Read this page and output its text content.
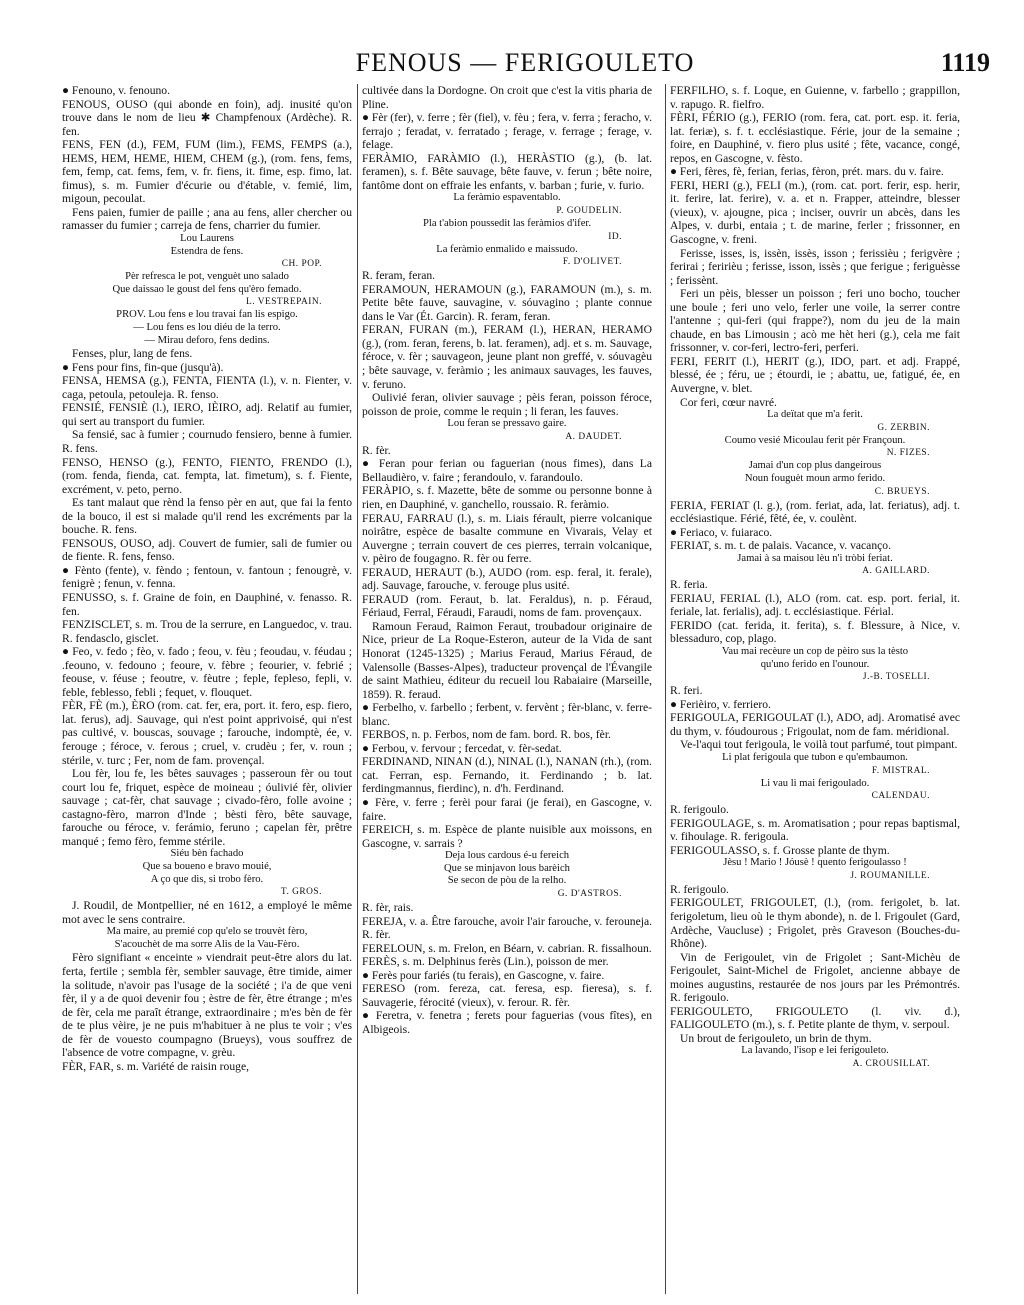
FENOUS — FERIGOULETO	1119

● Fenouno, v. fenouno.

FENOUS, OUSO (qui abonde en foin), adj. inusité qu'on trouve dans le nom de lieu ✱ Champfenoux (Ardèche). R. fen.

FENS, FEN (d.), FEM, FUM (lim.), FEMS, FEMPS (a.), HEMS, HEM, HEME, HIEM, CHEM (g.), (rom. fens, fems, fem, femp, cat. fems, fem, v. fr. fiens, it. fime, esp. fimo, lat. fimus), s. m. Fumier d'écurie ou d'étable, v. femié, lim, migoun, pecoulat.

Fens paien, fumier de paille ; ana au fens, aller chercher ou ramasser du fumier ; carreja de fens, charrier du fumier.

Lou Laurens

Estendra de fens.

CH. POP.

Pèr refresca le pot, venguèt uno salado

Que daissao le goust del fens qu'èro femado.

L. VESTREPAIN.

PROV. Lou fens e lou travai fan lis espigo.

— Lou fens es lou diéu de la terro.

— Mirau deforo, fens dedins.

Fenses, plur, lang de fens.

● Fens pour fins, fin-que (jusqu'à).

FENSA, HEMSA (g.), FENTA, FIENTA (l.), v. n. Fienter, v. caga, petoula, petouleja. R. fenso.

FENSIÉ, FENSIÈ (l.), IERO, IÈIRO, adj. Relatif au fumier, qui sert au transport du fumier.

Sa fensié, sac à fumier ; cournudo fensiero, benne à fumier. R. fens.

FENSO, HENSO (g.), FENTO, FIENTO, FRENDO (l.), (rom. fenda, fienda, cat. fempta, lat. fimetum), s. f. Fiente, excrément, v. peto, perno.

Es tant malaut que rènd la fenso pèr en aut, que fai la fento de la bouco, il est si malade qu'il rend les excréments par la bouche. R. fens.

FENSOUS, OUSO, adj. Couvert de fumier, sali de fumier ou de fiente. R. fens, fenso.

● Fènto (fente), v. fèndo ; fentoun, v. fantoun ; fenougrè, v. fenigrè ; fenun, v. fenna.

FENUSSO, s. f. Graine de foin, en Dauphiné, v. fenasso. R. fen.

FENZISCLET, s. m. Trou de la serrure, en Languedoc, v. trau. R. fendasclo, gisclet.

● Feo, v. fedo ; fèo, v. fado ; feou, v. fèu ; feoudau, v. féudau ; .feouno, v. fedouno ; feoure, v. fèbre ; feourier, v. febrié ; feouse, v. féuse ; feoutre, v. fèutre ; feple, fepleso, fepli, v. feble, feblesso, febli ; fequet, v. flouquet.

FÈR, FÈ (m.), ÈRO (rom. cat. fer, era, port. it. fero, esp. fiero, lat. ferus), adj. Sauvage, qui n'est point apprivoisé, qui n'est pas cultivé, v. bouscas, souvage ; farouche, indomptè, ée, v. ferouge ; féroce, v. ferous ; cruel, v. crudèu ; fer, v. roun ; stérile, v. turc ; Fer, nom de fam. provençal.

Lou fèr, lou fe, les bêtes sauvages ; passeroun fèr ou tout court lou fe, friquet, espèce de moineau ; óulivié fèr, olivier sauvage ; cat-fèr, chat sauvage ; civado-fèro, folle avoine ; castagno-fèro, marron d'Inde ; bèsti fèro, bête sauvage, farouche ou féroce, v. ferámio, feruno ; capelan fèr, prêtre manqué ; femo fèro, femme stérile.

Siéu bèn fachado

Que sa boueno e bravo mouié,

A ço que dis, si trobo fèro.

T. GROS.

J. Roudil, de Montpellier, né en 1612, a employé le même mot avec le sens contraire.

Ma maire, au premié cop qu'elo se trouvèt fèro,

S'acouchèt de ma sorre Alis de la Vau-Fèro.

Fèro signifiant « enceinte » viendrait peut-être alors du lat. ferta, fertile ; sembla fèr, sembler sauvage, être timide, aimer la solitude, n'avoir pas l'usage de la société ; i'a de que veni fèr, il y a de quoi devenir fou ; èstre de fèr, être étrange ; m'es de fèr, cela me paraît étrange, extraordinaire ; m'es bèn de fèr de te plus vèire, je ne puis m'habituer à ne plus te voir ; v'es de fèr de vouesto coumpagno (Brueys), vous souffrez de l'absence de votre compagne, v. grèu.

FÈR, FAR, s. m. Variété de raisin rouge,

cultivée dans la Dordogne. On croit que c'est la vitis pharia de Pline.

● Fèr (fer), v. ferre ; fèr (fiel), v. fèu ; fera, v. ferra ; feracho, v. ferrajo ; feradat, v. ferratado ; ferage, v. ferrage ; ferage, v. felage.

FERÀMIO, FARÀMIO (l.), HERÀSTIO (g.), (b. lat. feramen), s. f. Bête sauvage, bête fauve, v. ferun ; bête noire, fantôme dont on effraie les enfants, v. barban ; furie, v. furio.

La feràmio espaventablo.

P. GOUDELIN.

Pla t'abion poussedit las feràmios d'ifer.

ID.

La feràmio enmalido e maissudo.

F. D'OLIVET.

R. feram, feran.

FERAMOUN, HERAMOUN (g.), FARAMOUN (m.), s. m. Petite bête fauve, sauvagine, v. sóuvagino ; plante connue dans le Var (Ét. Garcin). R. feram, feran.

FERAN, FURAN (m.), FERAM (l.), HERAN, HERAMO (g.), (rom. feran, ferens, b. lat. feramen), adj. et s. m. Sauvage, féroce, v. fèr ; sauvageon, jeune plant non greffé, v. sóuvagèu ; bête sauvage, v. feràmio ; les animaux sauvages, les fauves, v. feruno.

Oulivié feran, olivier sauvage ; pèis feran, poisson féroce, poisson de proie, comme le requin ; li feran, les fauves.

Lou feran se pressavo gaire.

A. DAUDET.

R. fèr.

● Feran pour ferian ou faguerian (nous fimes), dans La Bellaudièro, v. faire ; ferandoulo, v. farandoulo.

FERÀPIO, s. f. Mazette, bête de somme ou personne bonne à rien, en Dauphiné, v. ganchello, roussaio. R. feràmio.

FERAU, FARRAU (l.), s. m. Liais férault, pierre volcanique noirâtre, espèce de basalte commune en Vivarais, Velay et Auvergne ; terrain couvert de ces pierres, terrain volcanique, v. pèiro de fougagno. R. fèr ou ferre.

FERAUD, HERAUT (b.), AUDO (rom. esp. feral, it. ferale), adj. Sauvage, farouche, v. ferouge plus usité.

FERAUD (rom. Feraut, b. lat. Feraldus), n. p. Féraud, Fériaud, Ferral, Féraudi, Faraudi, noms de fam. provençaux.

Ramoun Feraud, Raimon Feraut, troubadour originaire de Nice, prieur de La Roque-Esteron, auteur de la Vida de sant Honorat (1245-1325) ; Marius Feraud, Marius Féraud, de Valensolle (Basses-Alpes), traducteur provençal de l'Évangile de saint Mathieu, éditeur du recueil lou Rabaiaire (Marseille, 1859). R. feraud.

● Ferbelho, v. farbello ; ferbent, v. fervènt ; fèr-blanc, v. ferre-blanc.

FERBOS, n. p. Ferbos, nom de fam. bord. R. bos, fèr.

● Ferbou, v. fervour ; fercedat, v. fèr-sedat.

FERDINAND, NINAN (d.), NINAL (l.), NANAN (rh.), (rom. cat. Ferran, esp. Fernando, it. Ferdinando ; b. lat. ferdingmannus, fierdinc), n. d'h. Ferdinand.

● Fère, v. ferre ; ferèi pour farai (je ferai), en Gascogne, v. faire.

FEREICH, s. m. Espèce de plante nuisible aux moissons, en Gascogne, v. sarrais ?

Deja lous cardous é-u fereich

Que se minjavon lous barèich

Se secon de pòu de la relho.

G. D'ASTROS.

R. fèr, rais.

FEREJA, v. a. Être farouche, avoir l'air farouche, v. ferouneja. R. fèr.

FERELOUN, s. m. Frelon, en Béarn, v. cabrian. R. fissalhoun.

FERÈS, s. m. Delphinus ferès (Lin.), poisson de mer.

● Ferès pour fariés (tu ferais), en Gascogne, v. faire.

FERESO (rom. fereza, cat. feresa, esp. fieresa), s. f. Sauvagerie, férocité (vieux), v. ferour. R. fèr.

● Feretra, v. fenetra ; ferets pour faguerias (vous fîtes), en Albigeois.

FERFILHO, s. f. Loque, en Guienne, v. farbello ; grappillon, v. rapugo. R. fielfro.

FÈRI, FÉRIO (g.), FERIO (rom. fera, cat. port. esp. it. feria, lat. feriæ), s. f. t. ecclésiastique. Férie, jour de la semaine ; foire, en Dauphiné, v. fiero plus usité ; fête, vacance, congé, repos, en Gascogne, v. fèsto.

● Feri, fères, fè, ferian, ferias, fèron, prét. mars. du v. faire.

FERI, HERI (g.), FELI (m.), (rom. cat. port. ferir, esp. herir, it. ferire, lat. ferire), v. a. et n. Frapper, atteindre, blesser (vieux), v. ajougne, pica ; inciser, ouvrir un abcès, dans les Alpes, v. durbi, entaia ; t. de marine, ferler ; frissonner, en Gascogne, v. freni.

Ferisse, isses, is, issèn, issès, isson ; ferissièu ; ferigvère ; ferirai ; feririèu ; ferisse, isson, issès ; que ferigue ; feriguèsse ; ferissènt.

Feri un pèis, blesser un poisson ; feri uno bocho, toucher une boule ; feri uno velo, ferler une voile, la serrer contre l'antenne ; qui-feri (qui frappe?), nom du jeu de la main chaude, en bas Limousin ; acò me hèt heri (g.), cela me fait frissonner, v. cor-feri, lectro-feri, perferi.

FERI, FERIT (l.), HERIT (g.), IDO, part. et adj. Frappé, blessé, ée ; féru, ue ; étourdi, ie ; abattu, ue, fatigué, ée, en Auvergne, v. blet.

Cor feri, cœur navré.

La deïtat que m'a ferit.

G. ZERBIN.

Coumo vesié Micoulau ferit pèr Françoun.

N. FIZES.

Jamai d'un cop plus dangeirous

Noun fouguèt moun armo ferido.

C. BRUEYS.

FERIA, FERIAT (l. g.), (rom. feriat, ada, lat. feriatus), adj. t. ecclésiastique. Férié, fêté, ée, v. coulènt.

● Feriaco, v. fuiaraco.

FERIAT, s. m. t. de palais. Vacance, v. vacanço.

Jamai à sa maisou lèu n'i tròbi feriat.

A. GAILLARD.

R. feria.

FERIAU, FERIAL (l.), ALO (rom. cat. esp. port. ferial, it. feriale, lat. ferialis), adj. t. ecclésiastique. Férial.

FERIDO (cat. ferida, it. ferita), s. f. Blessure, à Nice, v. blessaduro, cop, plago.

Vau mai recèure un cop de pèiro sus la tèsto

qu'uno ferido en l'ounour.

J.-B. TOSELLI.

R. feri.

● Ferièiro, v. ferriero.

FERIGOULA, FERIGOULAT (l.), ADO, adj. Aromatisé avec du thym, v. fóudourous ; Frigoulat, nom de fam. méridional.

Ve-l'aqui tout ferigoula, le voilà tout parfumé, tout pimpant.

Li plat ferigoula que tubon e qu'embaumon.

F. MISTRAL.

Li vau li mai ferigoulado.

CALENDAU.

R. ferigoulo.

FERIGOULAGE, s. m. Aromatisation ; pour repas baptismal, v. fihoulage. R. ferigoula.

FERIGOULASSO, s. f. Grosse plante de thym.

Jèsu ! Mario ! Jóusè ! quento ferigoulasso !

J. ROUMANILLE.

R. ferigoulo.

FERIGOULET, FRIGOULET, (l.), (rom. ferigolet, b. lat. ferigoletum, lieu où le thym abonde), n. de l. Frigoulet (Gard, Ardèche, Vaucluse) ; Frigolet, près Graveson (Bouches-du-Rhône).

Vin de Ferigoulet, vin de Frigolet ; Sant-Michèu de Ferigoulet, Saint-Michel de Frigolet, ancienne abbaye de moines augustins, restaurée de nos jours par les Prémontrés. R. ferigoulo.

FERIGOULETO, FRIGOULETO (l. viv. d.), FALIGOULETO (m.), s. f. Petite plante de thym, v. serpoul.

Un brout de ferigouleto, un brin de thym.

La lavando, l'isop e lei ferigouleto.

A. CROUSILLAT.
